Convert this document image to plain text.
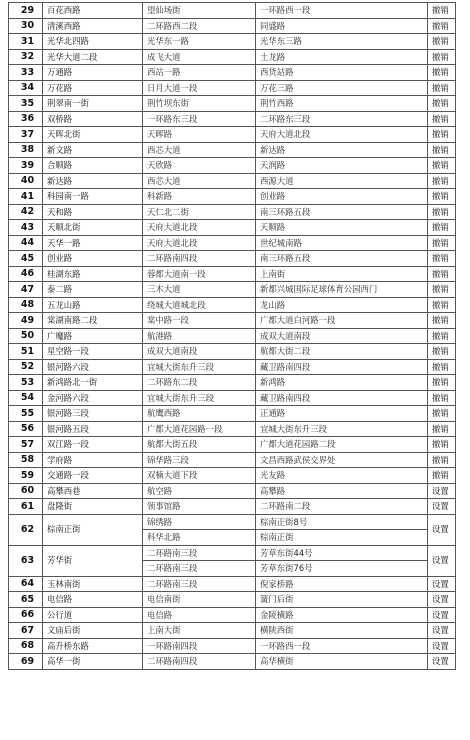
29	百花西路	望仙场街	一环路西一段	撤销
30	清溪西路	二环路西二段	同盛路	撤销
31	光华北四路	光华东一路	光华东三路	撤销
32	光华大道二段	成飞大道	土龙路	撤销
33	万通路	西站一路	西货站路	撤销
34	万花路	日月大道一段	万花三路	撤销
35	荆翠南一街	荆竹坝东街	荆竹西路	撤销
36	双桥路	一环路东三段	二环路东三段	撤销
37	天晖北街	天晖路	天府大道北段	撤销
38	新文路	西芯大道	新达路	撤销
39	合顺路	天欣路	天润路	撤销
40	新达路	西芯大道	西源大道	撤销
41	科园南一路	科新路	创业路	撤销
42	天和路	天仁北二街	南三环路五段	撤销
43	天顺北街	天府大道北段	天顺路	撤销
44	天华一路	天府大道北段	世纪城南路	撤销
45	创业路	二环路南四段	南三环路五段	撤销
46	桂湖东路	蓉都大道南一段	上南街	撤销
47	泰二路	三木大道	新都兴城国际足球体育公园西门	撤销
48	五龙山路	绕城大道城北段	龙山路	撤销
49	棠湖南路二段	棠中路一段	广都大道白河路一段	撤销
50	广魔路	航港路	成双大道南段	撤销
51	星空路一段	成双大道南段	航都大街二段	撤销
52	银河路六段	宜城大街东升三段	藏卫路南四段	撤销
53	新鸿路北一街	二环路东二段	新鸿路	撤销
54	金河路六段	宜城大街东升三段	藏卫路南四段	撤销
55	银河路三段	航鹰西路	正通路	撤销
56	银河路五段	广都大道花园路一段	宜城大街东升三段	撤销
57	双江路一段	航都大街五段	广都大道花园路二段	撤销
58	学府路	锦华路三段	文昌西路武侯交界处	撤销
59	交通路一段	双楠大道下段	光友路	撤销
60	高攀西巷	航空路	高攀路	设置
61	盘隆街	领事馆路	二环路南二段	设置
62	棕南正街	锦绣路	棕南正街8号	设置
		科华北路	棕南正街	
63	芳华街	二环路南三段	芳草东街44号	设置
		二环路南三段	芳草东街76号	
64	玉林南街	二环路南三段	倪家桥路	设置
65	电信路	电信南街	簧门后街	设置
66	公行道	电信路	金陵横路	设置
67	文庙后街	上南大街	横陕西街	设置
68	高升桥东路	一环路南四段	一环路西一段	设置
69	高华一街	二环路南四段	高华横街	设置
